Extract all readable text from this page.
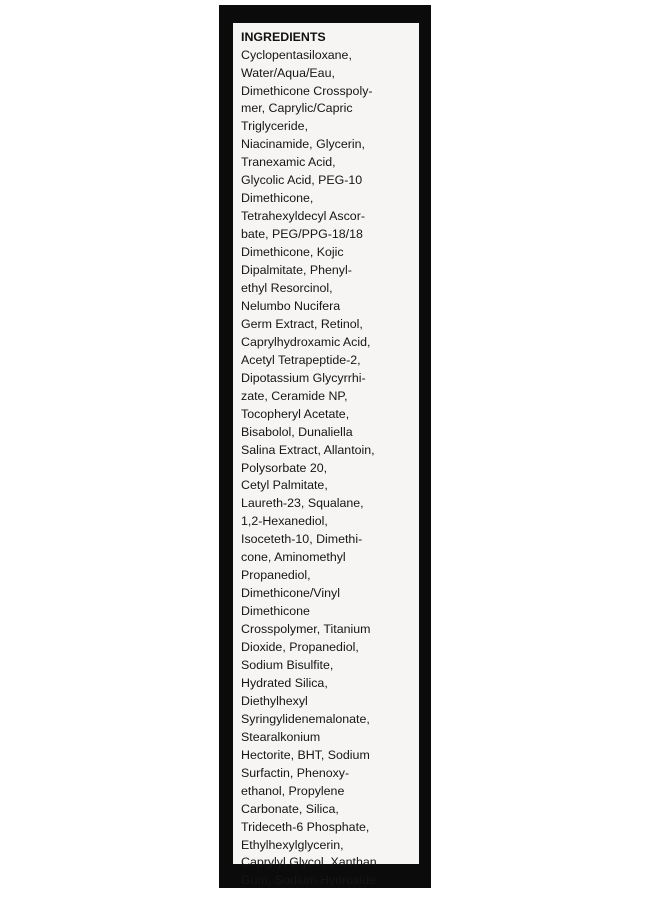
INGREDIENTS
Cyclopentasiloxane,
Water/Aqua/Eau,
Dimethicone Crosspoly-
mer, Caprylic/Capric
Triglyceride,
Niacinamide, Glycerin,
Tranexamic Acid,
Glycolic Acid, PEG-10
Dimethicone,
Tetrahexyldecyl Ascor-
bate, PEG/PPG-18/18
Dimethicone, Kojic
Dipalmitate, Phenyl-
ethyl Resorcinol,
Nelumbo Nucifera
Germ Extract, Retinol,
Caprylhydroxamic Acid,
Acetyl Tetrapeptide-2,
Dipotassium Glycyrrhi-
zate, Ceramide NP,
Tocopheryl Acetate,
Bisabolol, Dunaliella
Salina Extract, Allantoin,
Polysorbate 20,
Cetyl Palmitate,
Laureth-23, Squalane,
1,2-Hexanediol,
Isoceteth-10, Dimethi-
cone, Aminomethyl
Propanediol,
Dimethicone/Vinyl
Dimethicone
Crosspolymer, Titanium
Dioxide, Propanediol,
Sodium Bisulfite,
Hydrated Silica,
Diethylhexyl
Syringylidenemalonate,
Stearalkonium
Hectorite, BHT, Sodium
Surfactin, Phenoxy-
ethanol, Propylene
Carbonate, Silica,
Trideceth-6 Phosphate,
Ethylhexylglycerin,
Caprylyl Glycol, Xanthan
Gum, Sodium Hydroxide
